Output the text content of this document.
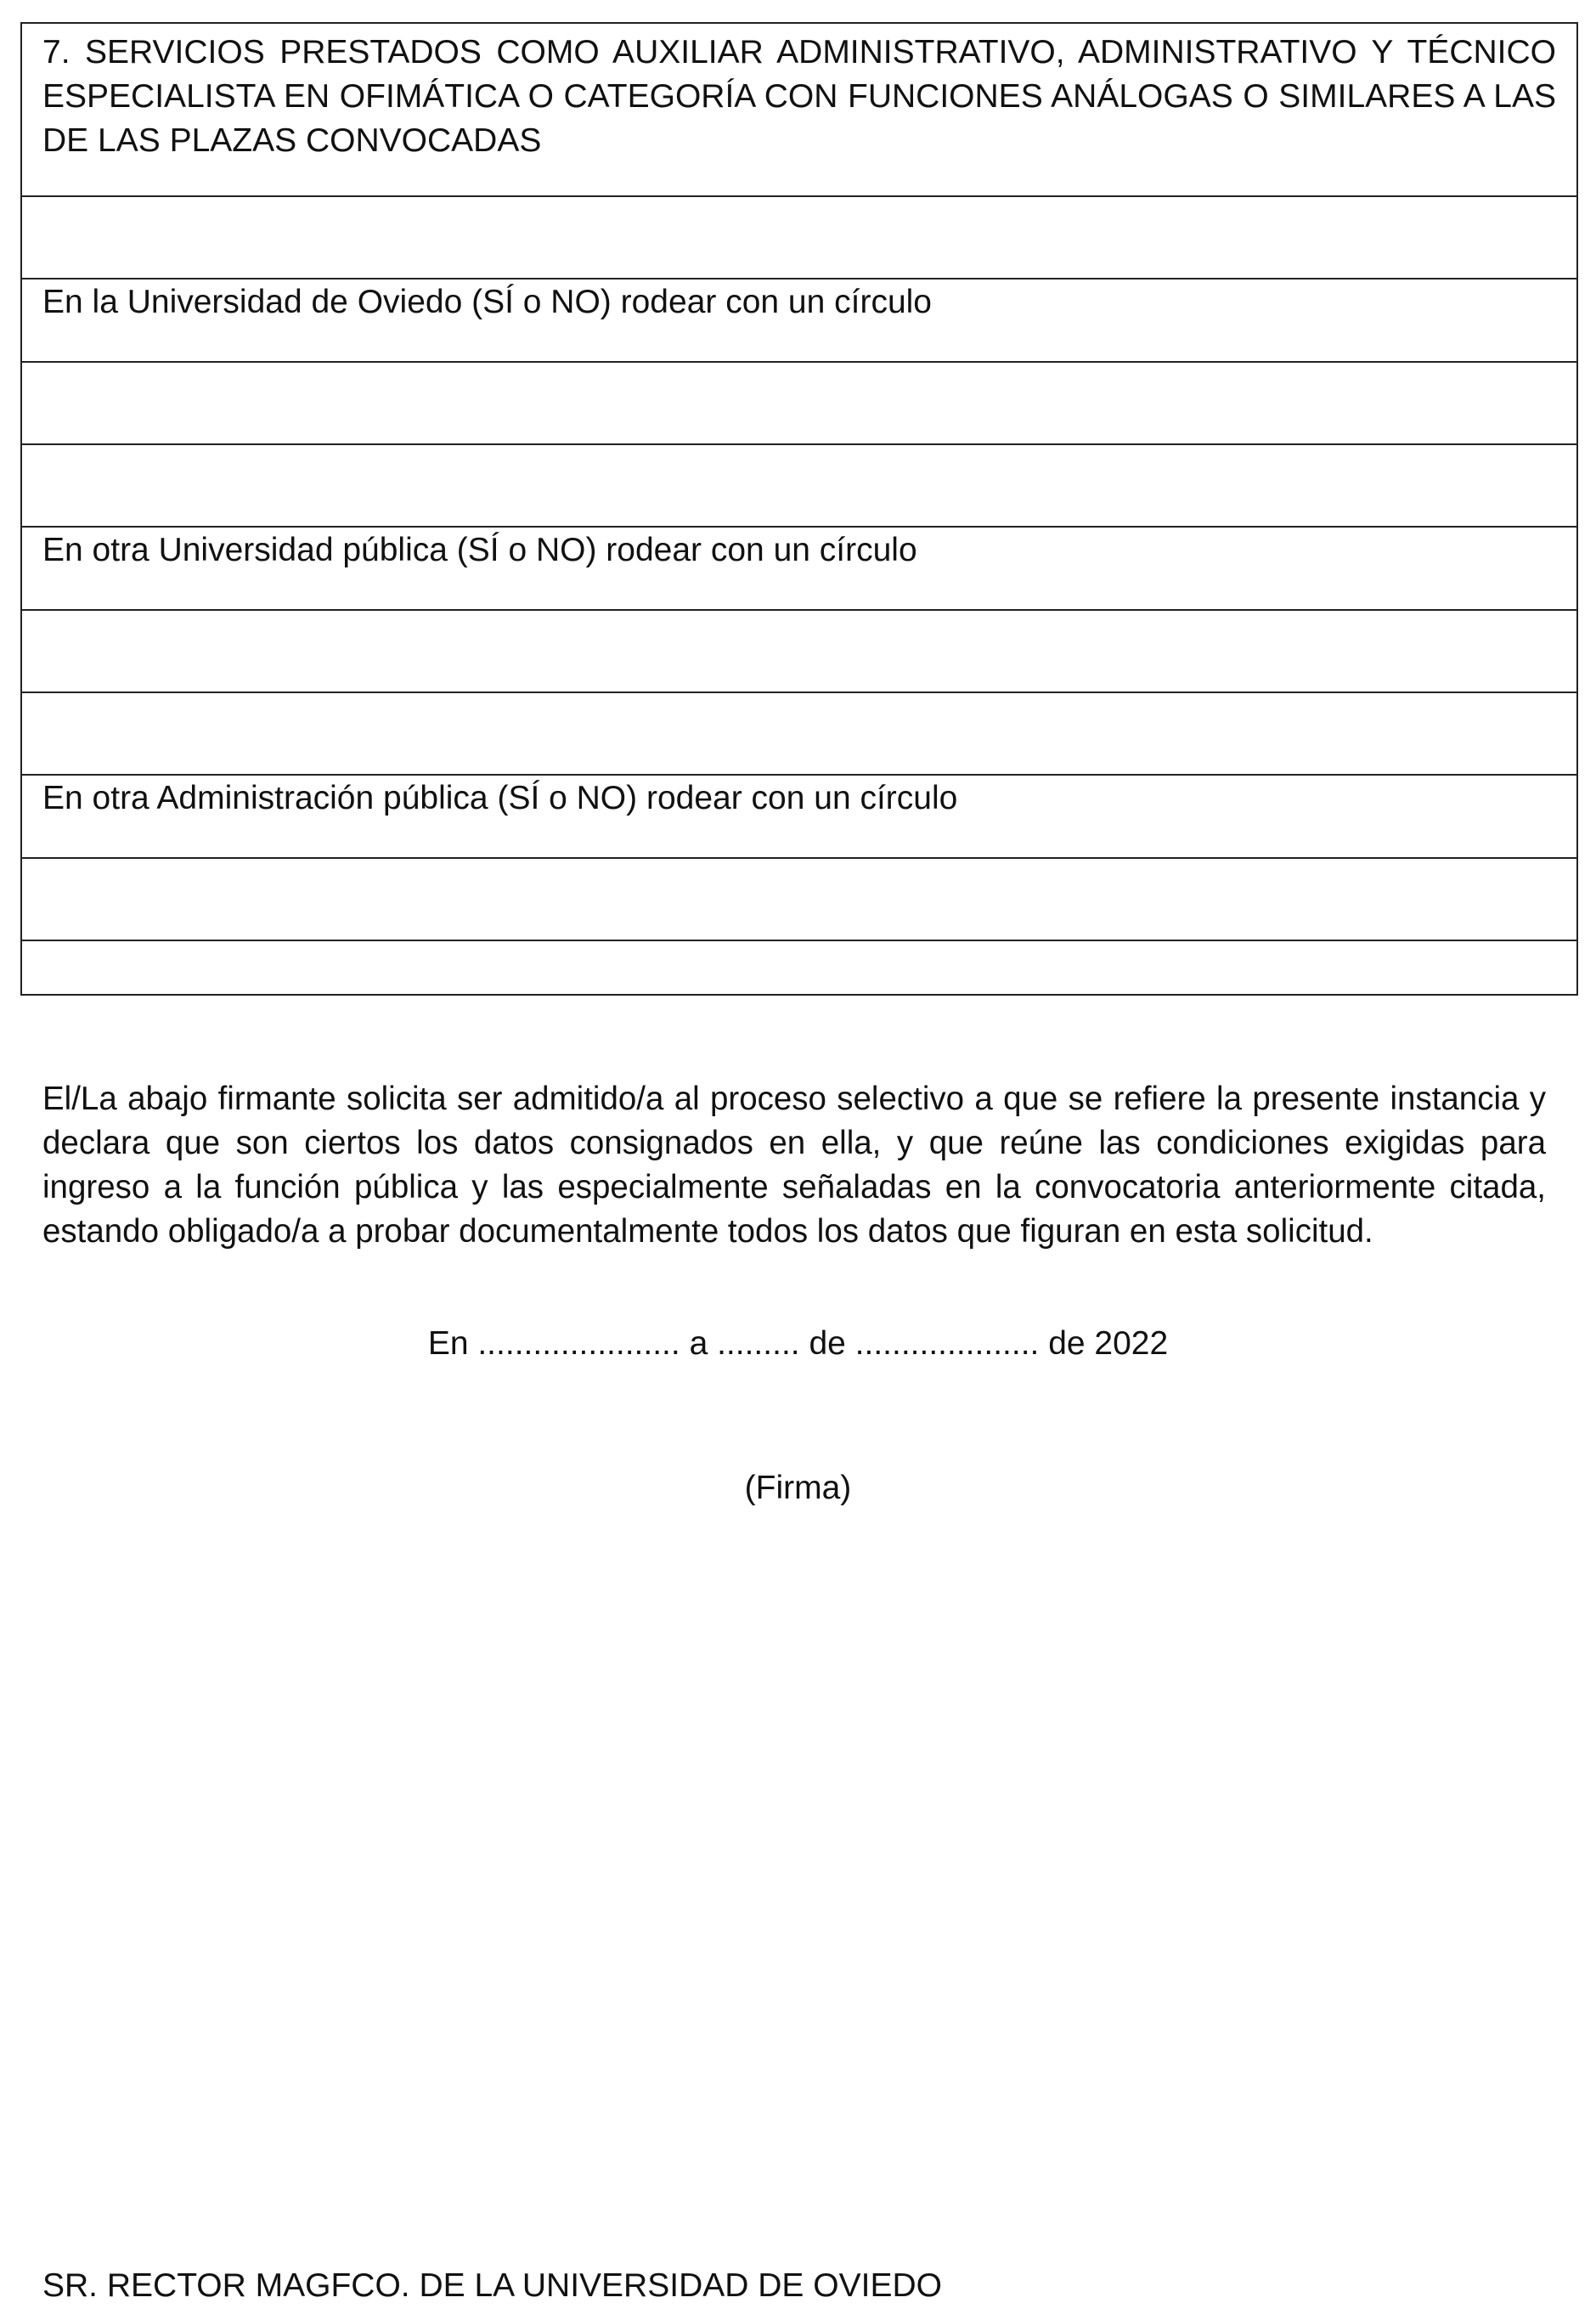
7. SERVICIOS PRESTADOS COMO AUXILIAR ADMINISTRATIVO, ADMINISTRATIVO Y TÉCNICO ESPECIALISTA EN OFIMÁTICA O CATEGORÍA CON FUNCIONES ANÁLOGAS O SIMILARES A LAS DE LAS PLAZAS CONVOCADAS

En la Universidad de Oviedo (SÍ o NO) rodear con un círculo

En otra Universidad pública (SÍ o NO) rodear con un círculo

En otra Administración pública (SÍ o NO) rodear con un círculo

El/La abajo firmante solicita ser admitido/a al proceso selectivo a que se refiere la presente instancia y declara que son ciertos los datos consignados en ella, y que reúne las condiciones exigidas para ingreso a la función pública y las especialmente señaladas en la convocatoria anteriormente citada, estando obligado/a a probar documentalmente todos los datos que figuran en esta solicitud.

En ...................... a ......... de .................... de 2022

(Firma)

SR. RECTOR MAGFCO. DE LA UNIVERSIDAD DE OVIEDO
